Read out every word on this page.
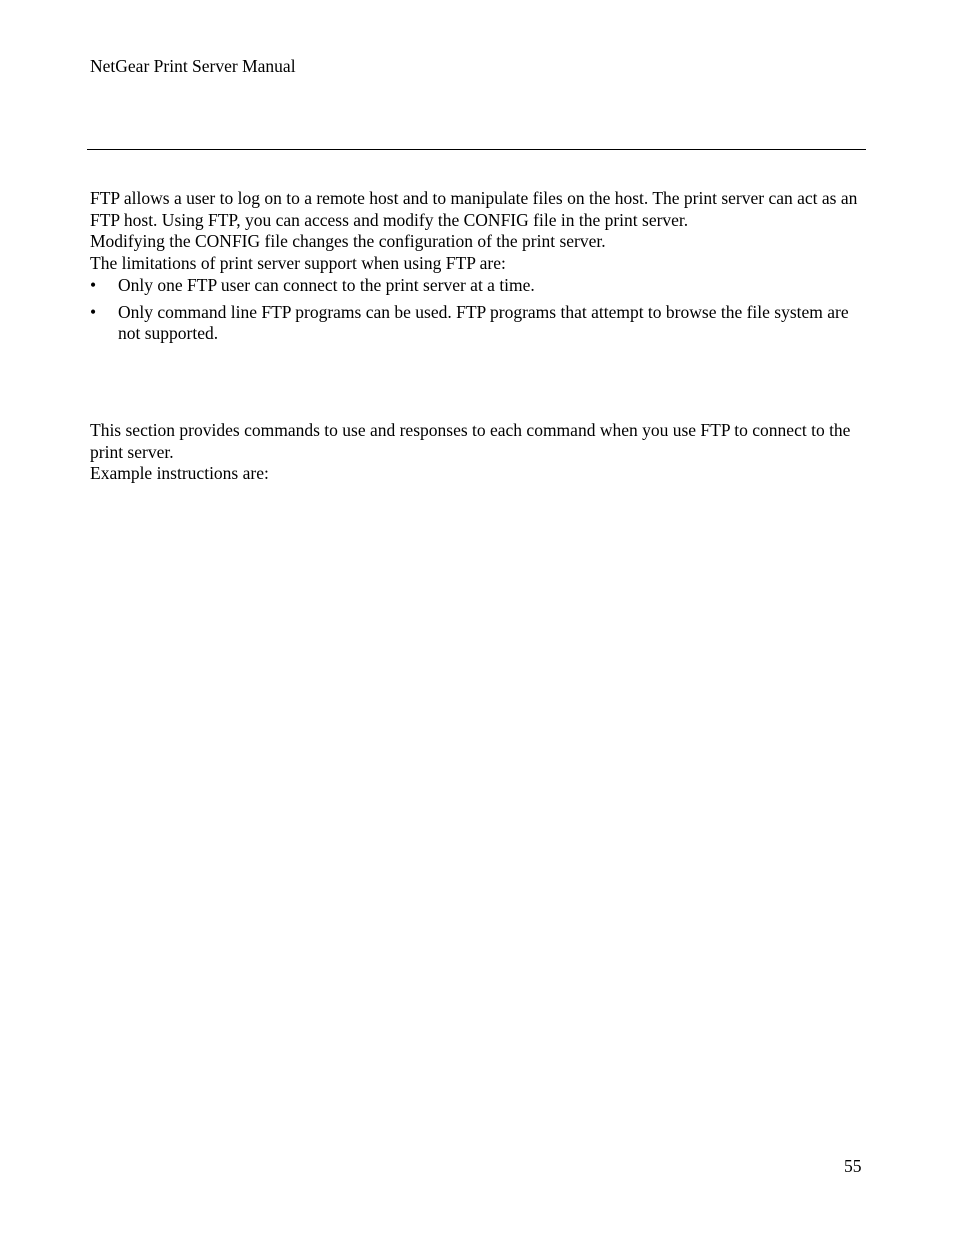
NetGear Print Server Manual

FTP allows a user to log on to a remote host and to manipulate files on the host. The print server can act as an FTP host. Using FTP, you can access and modify the CONFIG file in the print server.

Modifying the CONFIG file changes the configuration of the print server.

The limitations of print server support when using FTP are:

• Only one FTP user can connect to the print server at a time.
• Only command line FTP programs can be used. FTP programs that attempt to browse the file system are not supported.

This section provides commands to use and responses to each command when you use FTP to connect to the print server.

Example instructions are:

55
